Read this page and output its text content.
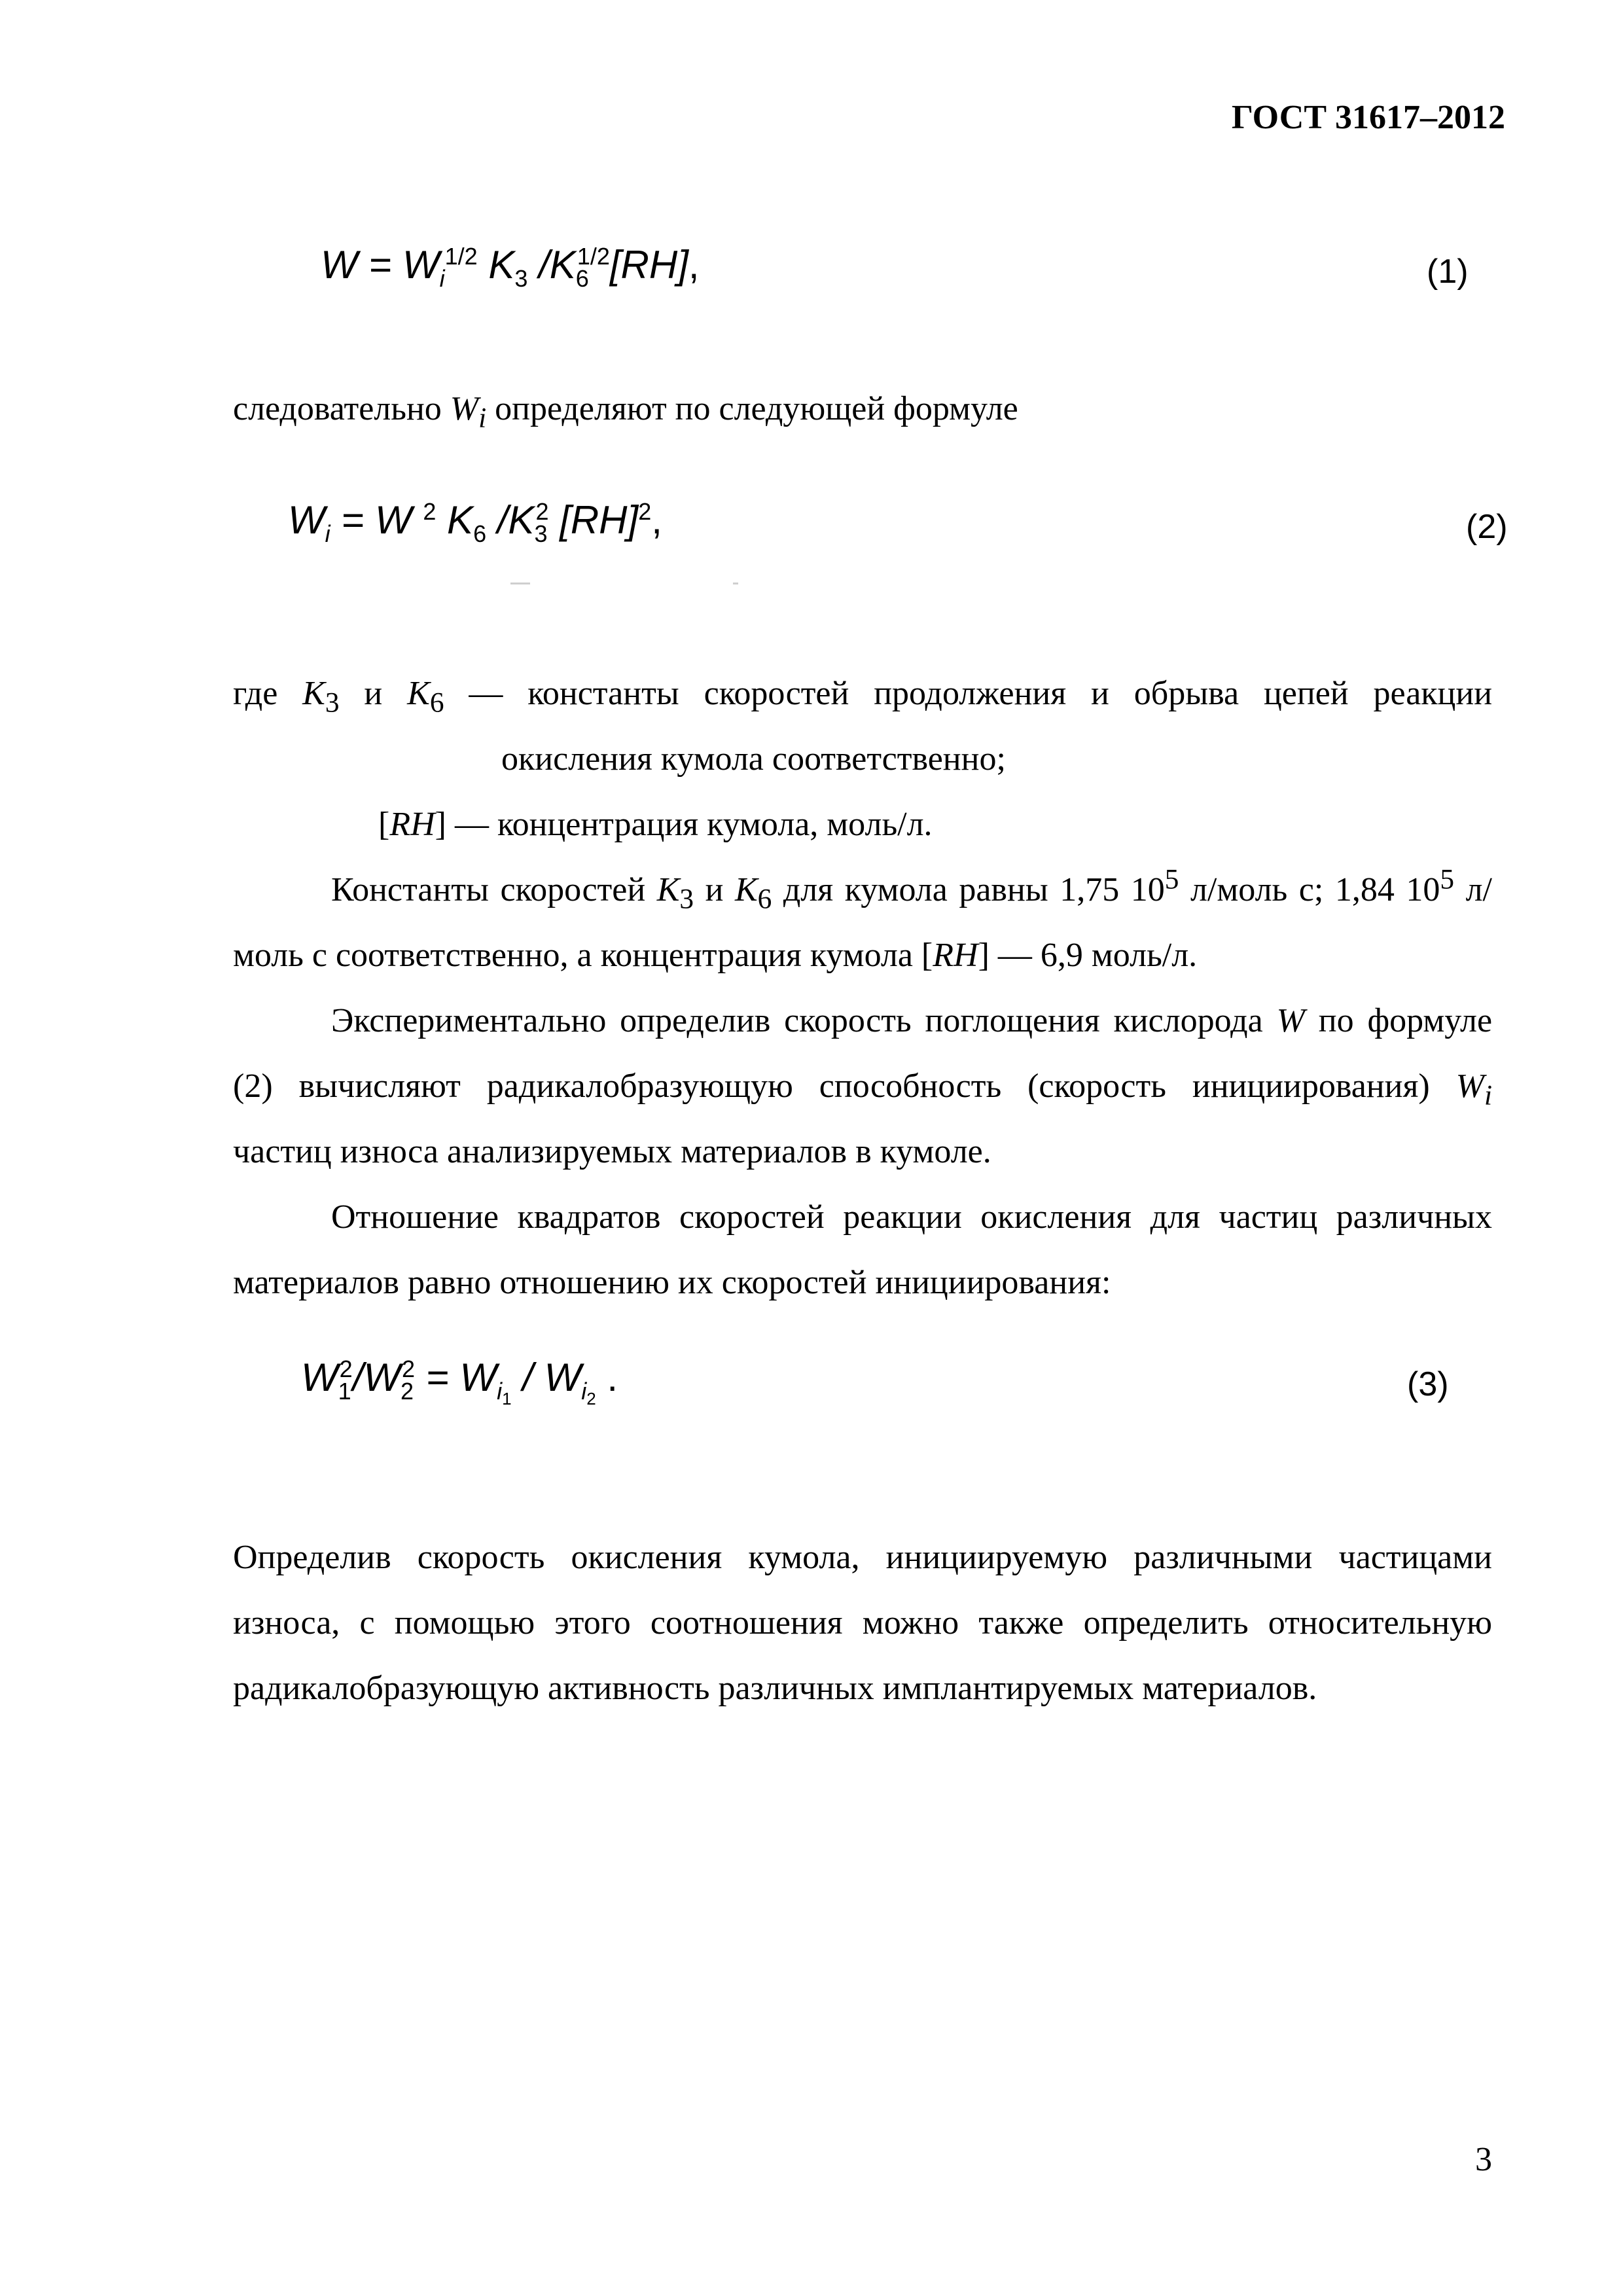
ГОСТ 31617–2012
$W = W_i^{1/2}$ $K_3$ $/K_6^{1/2}[RH]$,	(1)
следовательно $W_i$ определяют по следующей формуле
$W_i = W$ $^2$ $K_6$ $/K_3^2$ [RH]$^2$,	(2)
где $K_3$ и $K_6$ — константы скоростей продолжения и обрыва цепей реакции
окисления кумола соответственно;
[RH] — концентрация кумола, моль/л.
Константы скоростей $K_3$ и $K_6$ для кумола равны 1,75 $10^5$ л/моль с; 1,84 $10^5$ л/моль с соответственно, а концентрация кумола [RH] — 6,9 моль/л.
Экспериментально определив скорость поглощения кислорода W по формуле (2) вычисляют радикалобразующую способность (скорость инициирования) $W_i$ частиц износа анализируемых материалов в кумоле.
Отношение квадратов скоростей реакции окисления для частиц различных материалов равно отношению их скоростей инициирования:
$W_1^2/W_2^2 = W_{i_1} / W_{i_2}$ .	(3)
Определив скорость окисления кумола, инициируемую различными частицами износа, с помощью этого соотношения можно также определить относительную радикалобразующую активность различных имплантируемых материалов.
3
